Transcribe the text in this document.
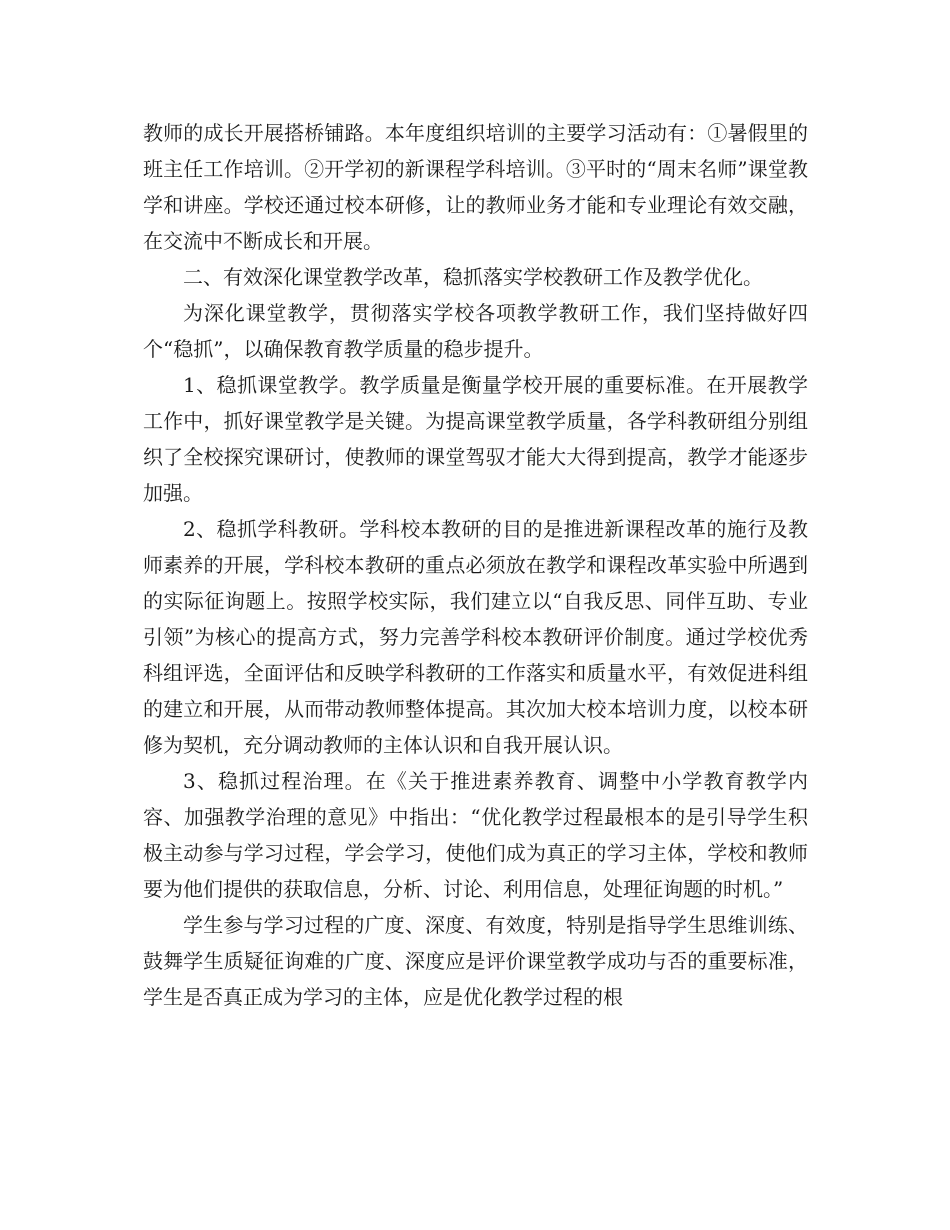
教师的成长开展搭桥铺路。本年度组织培训的主要学习活动有：①暑假里的班主任工作培训。②开学初的新课程学科培训。③平时的“周末名师”课堂教学和讲座。学校还通过校本研修，让的教师业务才能和专业理论有效交融，在交流中不断成长和开展。

二、有效深化课堂教学改革，稳抓落实学校教研工作及教学优化。

为深化课堂教学，贯彻落实学校各项教学教研工作，我们坚持做好四个“稳抓”，以确保教育教学质量的稳步提升。

1、稳抓课堂教学。教学质量是衡量学校开展的重要标准。在开展教学工作中，抓好课堂教学是关键。为提高课堂教学质量，各学科教研组分别组织了全校探究课研讨，使教师的课堂驾驭才能大大得到提高，教学才能逐步加强。

2、稳抓学科教研。学科校本教研的目的是推进新课程改革的施行及教师素养的开展，学科校本教研的重点必须放在教学和课程改革实验中所遇到的实际征询题上。按照学校实际，我们建立以“自我反思、同伴互助、专业引领”为核心的提高方式，努力完善学科校本教研评价制度。通过学校优秀科组评选，全面评估和反映学科教研的工作落实和质量水平，有效促进科组的建立和开展，从而带动教师整体提高。其次加大校本培训力度，以校本研修为契机，充分调动教师的主体认识和自我开展认识。

3、稳抓过程治理。在《关于推进素养教育、调整中小学教育教学内容、加强教学治理的意见》中指出：“优化教学过程最根本的是引导学生积极主动参与学习过程，学会学习，使他们成为真正的学习主体，学校和教师要为他们提供的获取信息，分析、讨论、利用信息，处理征询题的时机。”

学生参与学习过程的广度、深度、有效度，特别是指导学生思维训练、鼓舞学生质疑征询难的广度、深度应是评价课堂教学成功与否的重要标准，学生是否真正成为学习的主体，应是优化教学过程的根
